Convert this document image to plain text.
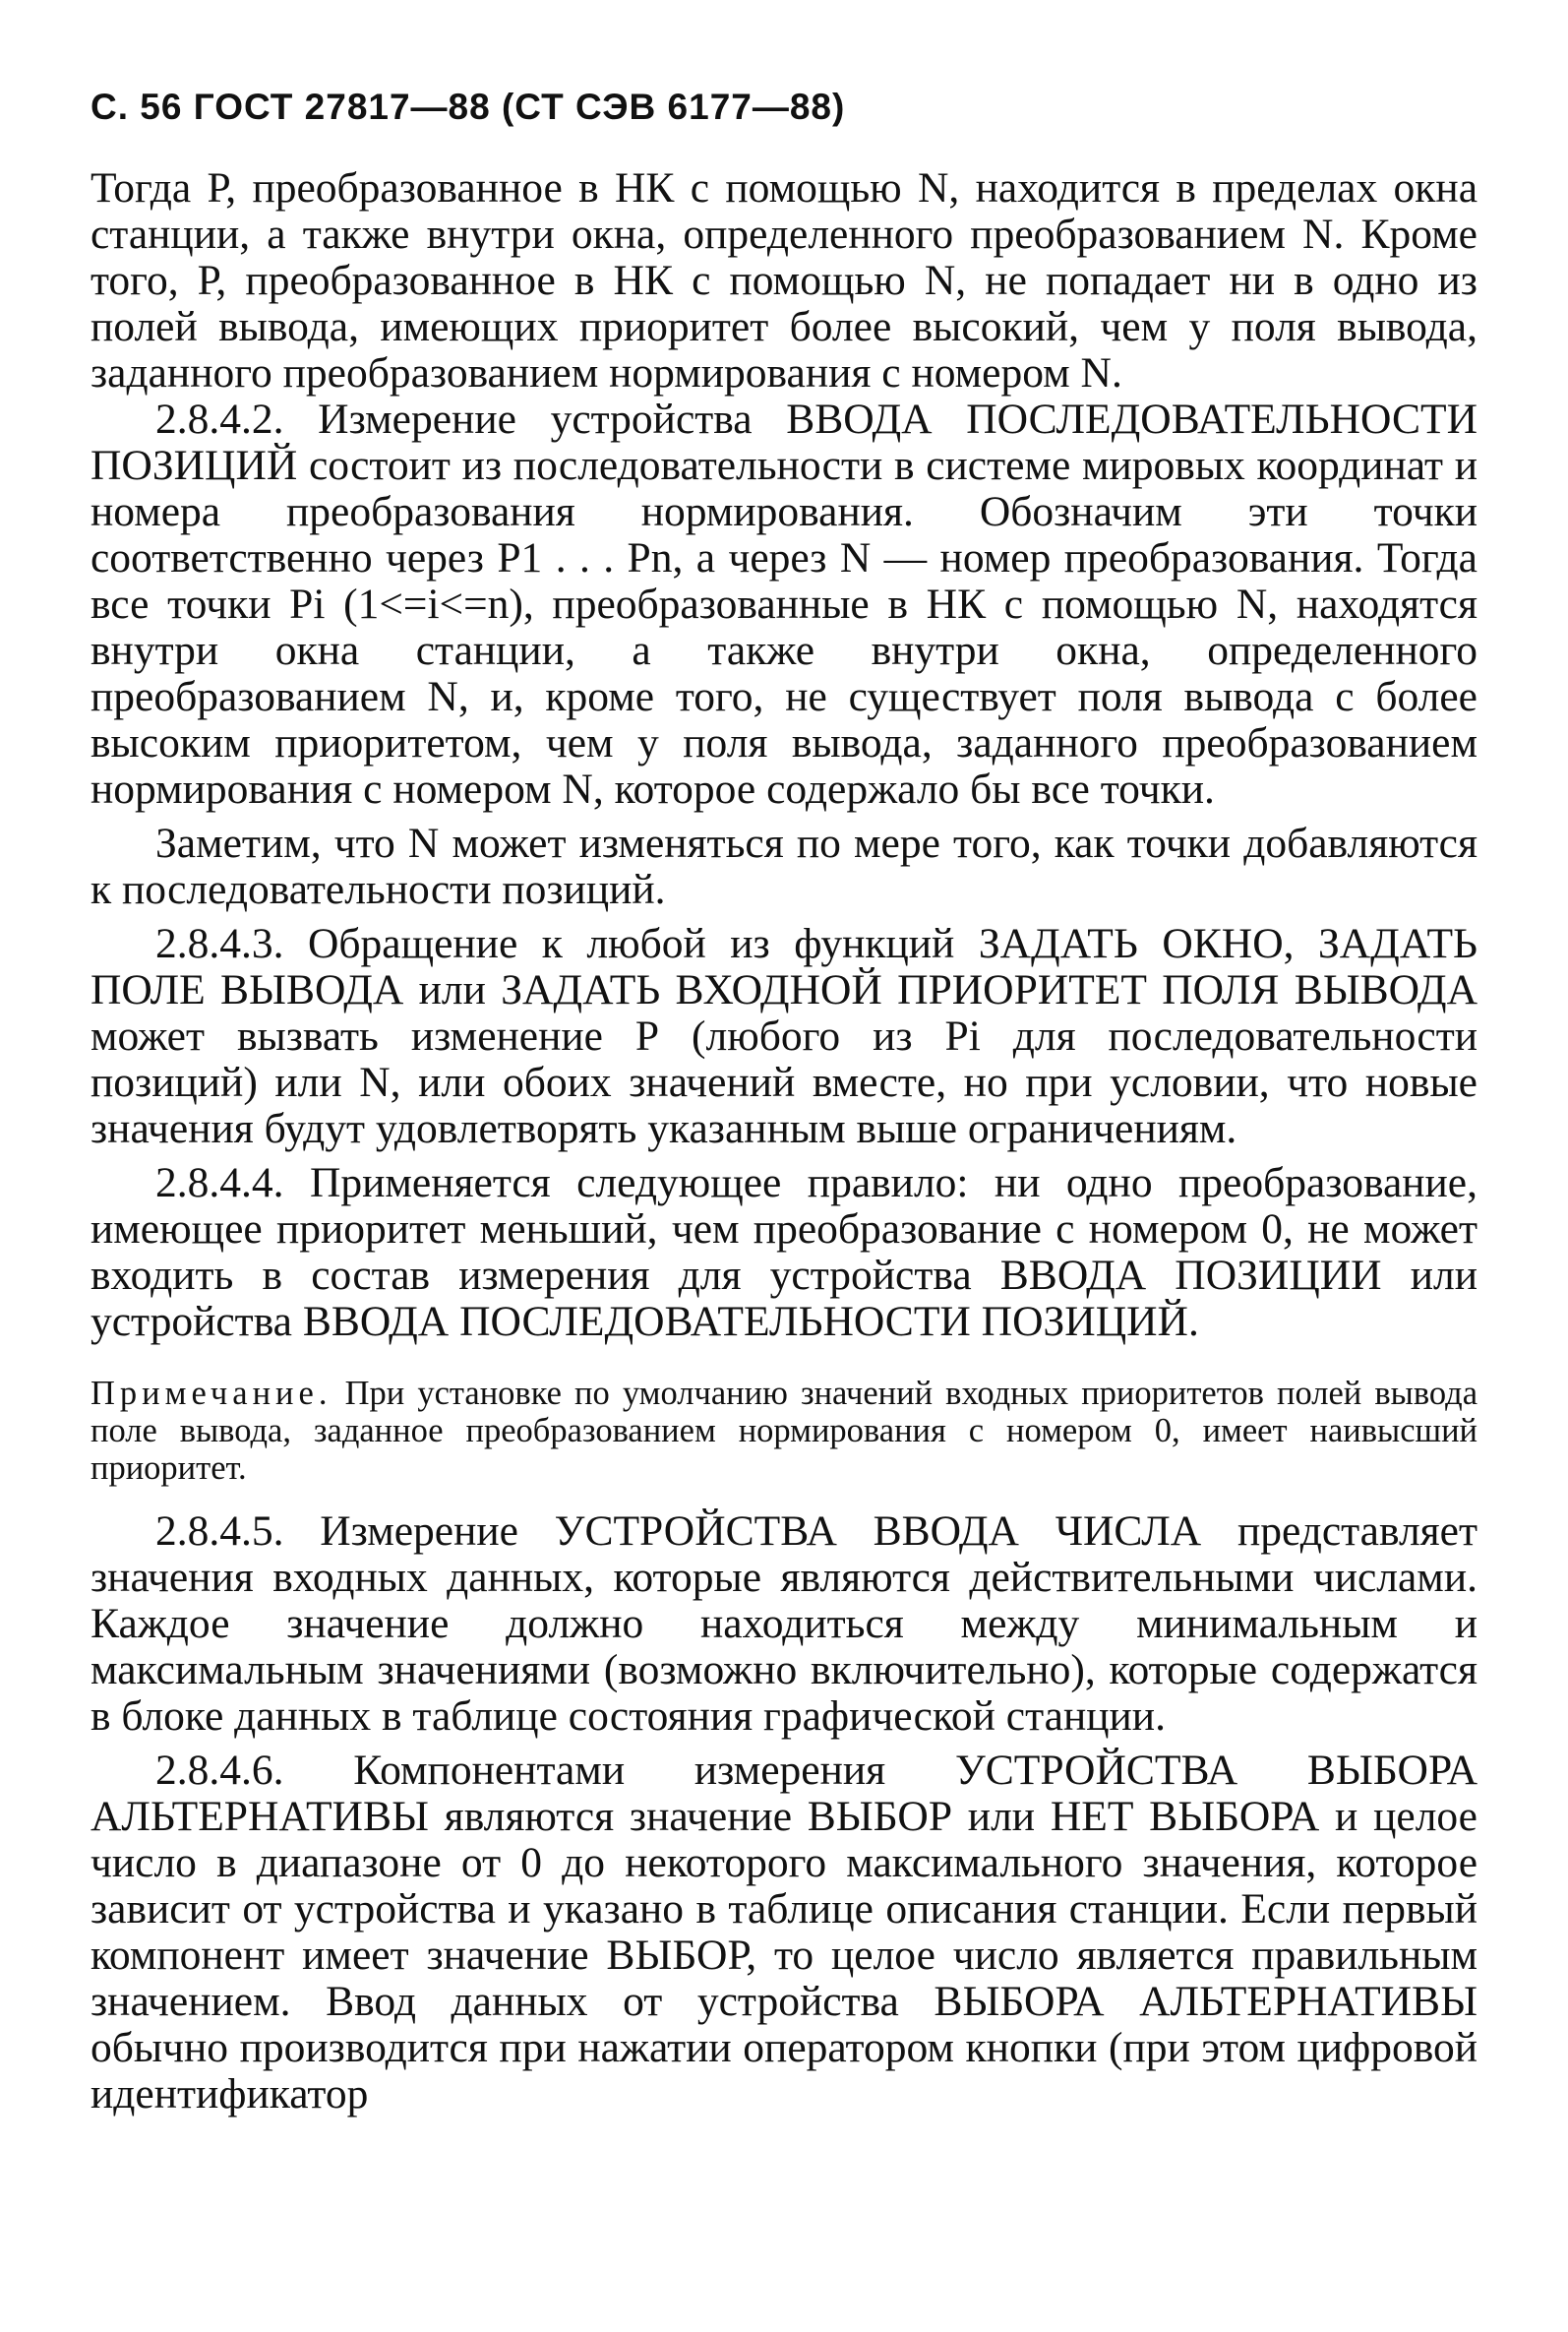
С. 56 ГОСТ 27817—88 (СТ СЭВ 6177—88)

Тогда Р, преобразованное в НК с помощью N, находится в пределах окна станции, а также внутри окна, определенного преобразованием N. Кроме того, Р, преобразованное в НК с помощью N, не попадает ни в одно из полей вывода, имеющих приоритет более высокий, чем у поля вывода, заданного преобразованием нормирования с номером N.

2.8.4.2. Измерение устройства ВВОДА ПОСЛЕДОВАТЕЛЬНОСТИ ПОЗИЦИЙ состоит из последовательности в системе мировых координат и номера преобразования нормирования. Обозначим эти точки соответственно через Р1 . . . Рn, а через N — номер преобразования. Тогда все точки Pi (1<=i<=n), преобразованные в НК с помощью N, находятся внутри окна станции, а также внутри окна, определенного преобразованием N, и, кроме того, не существует поля вывода с более высоким приоритетом, чем у поля вывода, заданного преобразованием нормирования с номером N, которое содержало бы все точки.

Заметим, что N может изменяться по мере того, как точки добавляются к последовательности позиций.

2.8.4.3. Обращение к любой из функций ЗАДАТЬ ОКНО, ЗАДАТЬ ПОЛЕ ВЫВОДА или ЗАДАТЬ ВХОДНОЙ ПРИОРИТЕТ ПОЛЯ ВЫВОДА может вызвать изменение Р (любого из Pi для последовательности позиций) или N, или обоих значений вместе, но при условии, что новые значения будут удовлетворять указанным выше ограничениям.

2.8.4.4. Применяется следующее правило: ни одно преобразование, имеющее приоритет меньший, чем преобразование с номером 0, не может входить в состав измерения для устройства ВВОДА ПОЗИЦИИ или устройства ВВОДА ПОСЛЕДОВАТЕЛЬНОСТИ ПОЗИЦИЙ.

Примечание. При установке по умолчанию значений входных приоритетов полей вывода поле вывода, заданное преобразованием нормирования с номером 0, имеет наивысший приоритет.

2.8.4.5. Измерение УСТРОЙСТВА ВВОДА ЧИСЛА представляет значения входных данных, которые являются действительными числами. Каждое значение должно находиться между минимальным и максимальным значениями (возможно включительно), которые содержатся в блоке данных в таблице состояния графической станции.

2.8.4.6. Компонентами измерения УСТРОЙСТВА ВЫБОРА АЛЬТЕРНАТИВЫ являются значение ВЫБОР или НЕТ ВЫБОРА и целое число в диапазоне от 0 до некоторого максимального значения, которое зависит от устройства и указано в таблице описания станции. Если первый компонент имеет значение ВЫБОР, то целое число является правильным значением. Ввод данных от устройства ВЫБОРА АЛЬТЕРНАТИВЫ обычно производится при нажатии оператором кнопки (при этом цифровой идентификатор
